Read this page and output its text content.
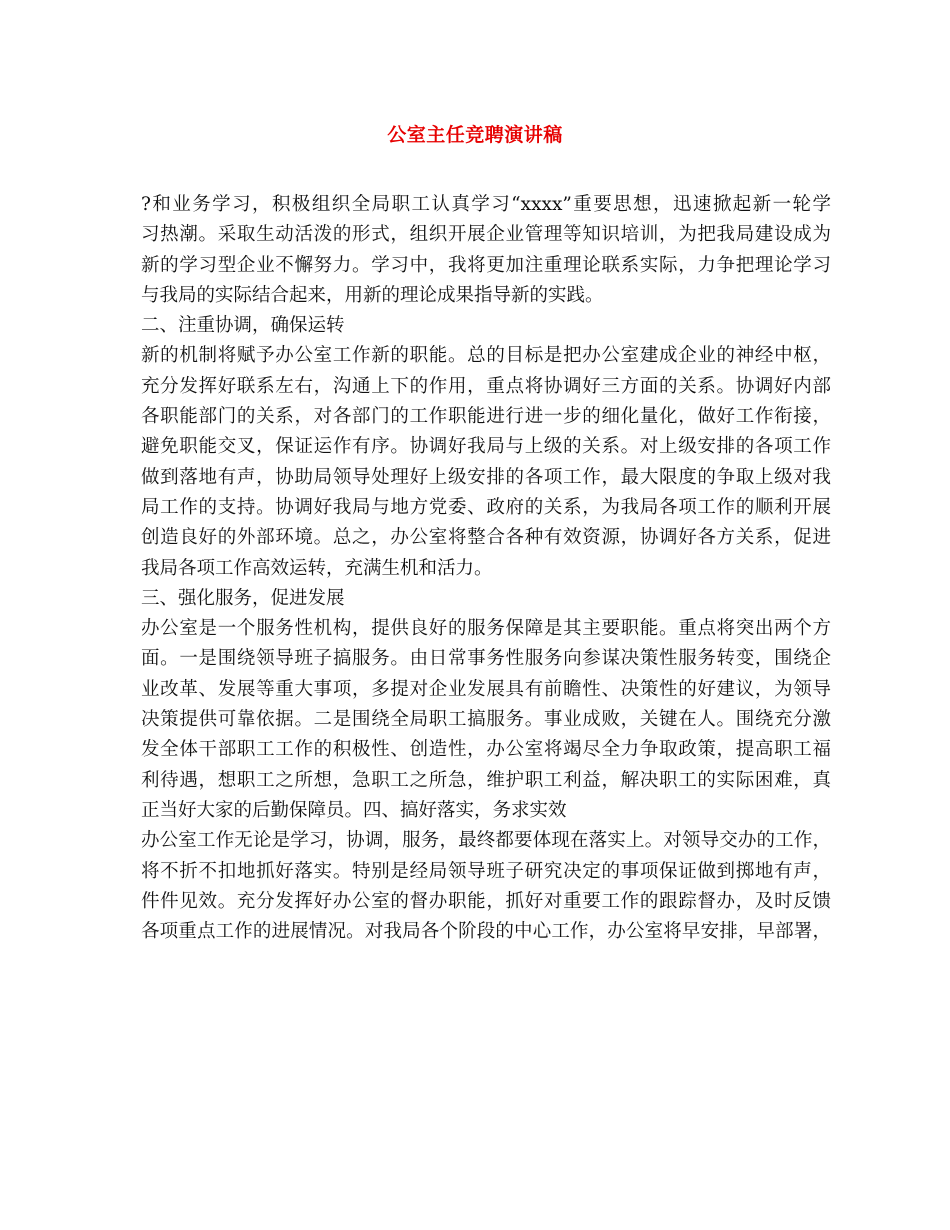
公室主任竞聘演讲稿
?和业务学习，积极组织全局职工认真学习“xxxx”重要思想，迅速掀起新一轮学
习热潮。采取生动活泼的形式，组织开展企业管理等知识培训，为把我局建设成为
新的学习型企业不懈努力。学习中，我将更加注重理论联系实际，力争把理论学习
与我局的实际结合起来，用新的理论成果指导新的实践。
二、注重协调，确保运转
新的机制将赋予办公室工作新的职能。总的目标是把办公室建成企业的神经中枢，
充分发挥好联系左右，沟通上下的作用，重点将协调好三方面的关系。协调好内部
各职能部门的关系，对各部门的工作职能进行进一步的细化量化，做好工作衔接，
避免职能交叉，保证运作有序。协调好我局与上级的关系。对上级安排的各项工作
做到落地有声，协助局领导处理好上级安排的各项工作，最大限度的争取上级对我
局工作的支持。协调好我局与地方党委、政府的关系，为我局各项工作的顺利开展
创造良好的外部环境。总之，办公室将整合各种有效资源，协调好各方关系，促进
我局各项工作高效运转，充满生机和活力。
三、强化服务，促进发展
办公室是一个服务性机构，提供良好的服务保障是其主要职能。重点将突出两个方
面。一是围绕领导班子搞服务。由日常事务性服务向参谋决策性服务转变，围绕企
业改革、发展等重大事项，多提对企业发展具有前瞻性、决策性的好建议，为领导
决策提供可靠依据。二是围绕全局职工搞服务。事业成败，关键在人。围绕充分激
发全体干部职工工作的积极性、创造性，办公室将竭尽全力争取政策，提高职工福
利待遇，想职工之所想，急职工之所急，维护职工利益，解决职工的实际困难，真
正当好大家的后勤保障员。四、搞好落实，务求实效
办公室工作无论是学习，协调，服务，最终都要体现在落实上。对领导交办的工作，
将不折不扣地抓好落实。特别是经局领导班子研究决定的事项保证做到掷地有声，
件件见效。充分发挥好办公室的督办职能，抓好对重要工作的跟踪督办，及时反馈
各项重点工作的进展情况。对我局各个阶段的中心工作，办公室将早安排，早部署，
